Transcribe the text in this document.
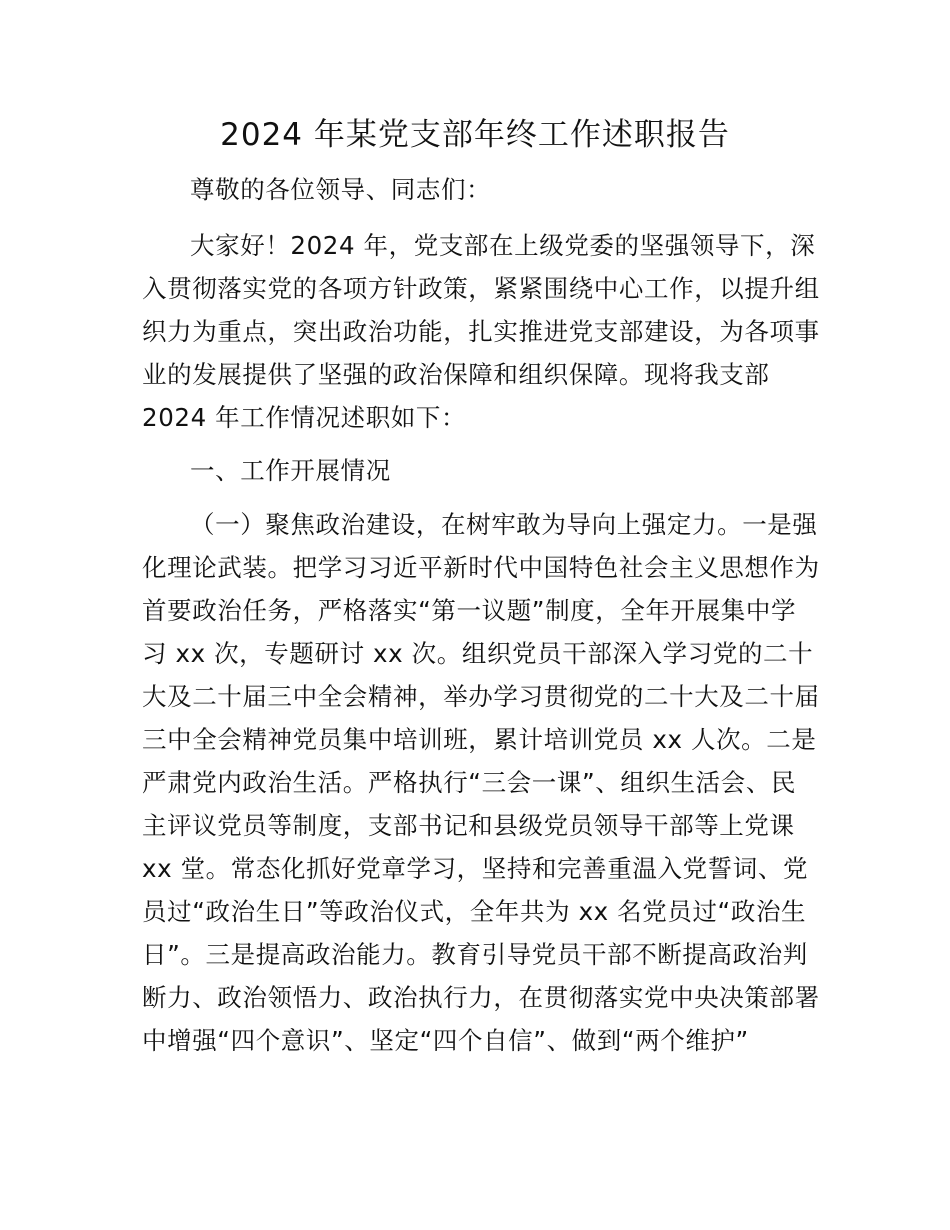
2024 年某党支部年终工作述职报告

尊敬的各位领导、同志们：

大家好！2024 年，党支部在上级党委的坚强领导下，深

入贯彻落实党的各项方针政策，紧紧围绕中心工作，以提升组

织力为重点，突出政治功能，扎实推进党支部建设，为各项事

业的发展提供了坚强的政治保障和组织保障。现将我支部

2024 年工作情况述职如下：

一、工作开展情况

（一）聚焦政治建设，在树牢敢为导向上强定力。一是强

化理论武装。把学习习近平新时代中国特色社会主义思想作为

首要政治任务，严格落实“第一议题”制度，全年开展集中学

习 xx 次，专题研讨 xx 次。组织党员干部深入学习党的二十

大及二十届三中全会精神，举办学习贯彻党的二十大及二十届

三中全会精神党员集中培训班，累计培训党员 xx 人次。二是

严肃党内政治生活。严格执行“三会一课”、组织生活会、民

主评议党员等制度，支部书记和县级党员领导干部等上党课

xx 堂。常态化抓好党章学习，坚持和完善重温入党誓词、党

员过“政治生日”等政治仪式，全年共为 xx 名党员过“政治生

日”。三是提高政治能力。教育引导党员干部不断提高政治判

断力、政治领悟力、政治执行力，在贯彻落实党中央决策部署

中增强“四个意识”、坚定“四个自信”、做到“两个维护”
